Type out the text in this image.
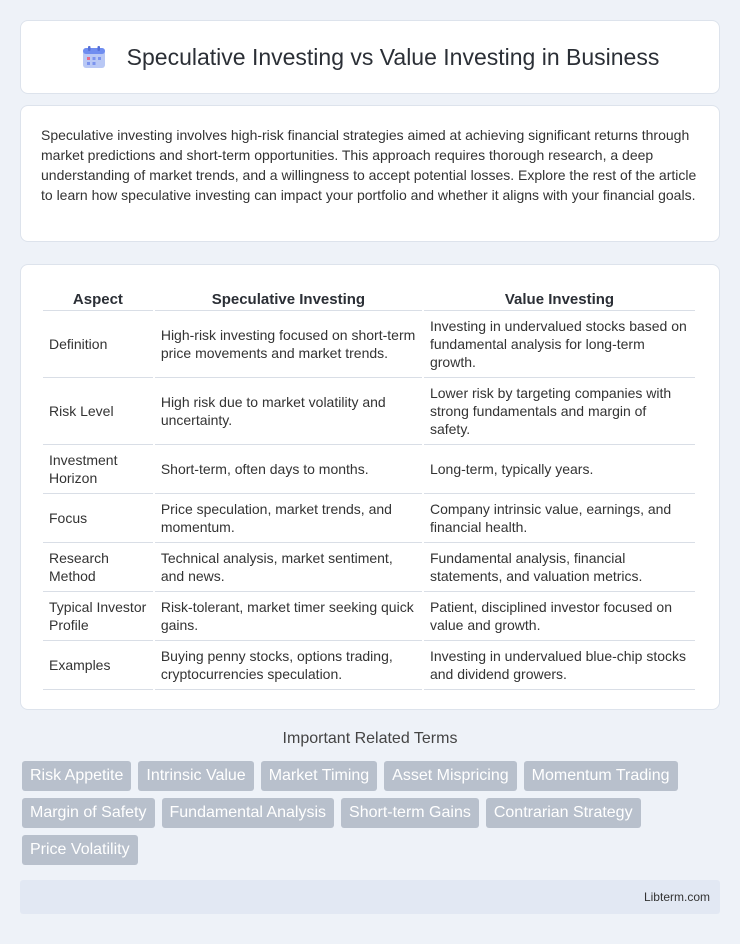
Speculative Investing vs Value Investing in Business

Speculative investing involves high-risk financial strategies aimed at achieving significant returns through market predictions and short-term opportunities. This approach requires thorough research, a deep understanding of market trends, and a willingness to accept potential losses. Explore the rest of the article to learn how speculative investing can impact your portfolio and whether it aligns with your financial goals.

Aspect	Speculative Investing	Value Investing
Definition	High-risk investing focused on short-term price movements and market trends.	Investing in undervalued stocks based on fundamental analysis for long-term growth.
Risk Level	High risk due to market volatility and uncertainty.	Lower risk by targeting companies with strong fundamentals and margin of safety.
Investment Horizon	Short-term, often days to months.	Long-term, typically years.
Focus	Price speculation, market trends, and momentum.	Company intrinsic value, earnings, and financial health.
Research Method	Technical analysis, market sentiment, and news.	Fundamental analysis, financial statements, and valuation metrics.
Typical Investor Profile	Risk-tolerant, market timer seeking quick gains.	Patient, disciplined investor focused on value and growth.
Examples	Buying penny stocks, options trading, cryptocurrencies speculation.	Investing in undervalued blue-chip stocks and dividend growers.
Important Related Terms
Risk Appetite	Intrinsic Value	Market Timing	Asset Mispricing	Momentum Trading
Margin of Safety	Fundamental Analysis	Short-term Gains	Contrarian Strategy
Price Volatility
Libterm.com
